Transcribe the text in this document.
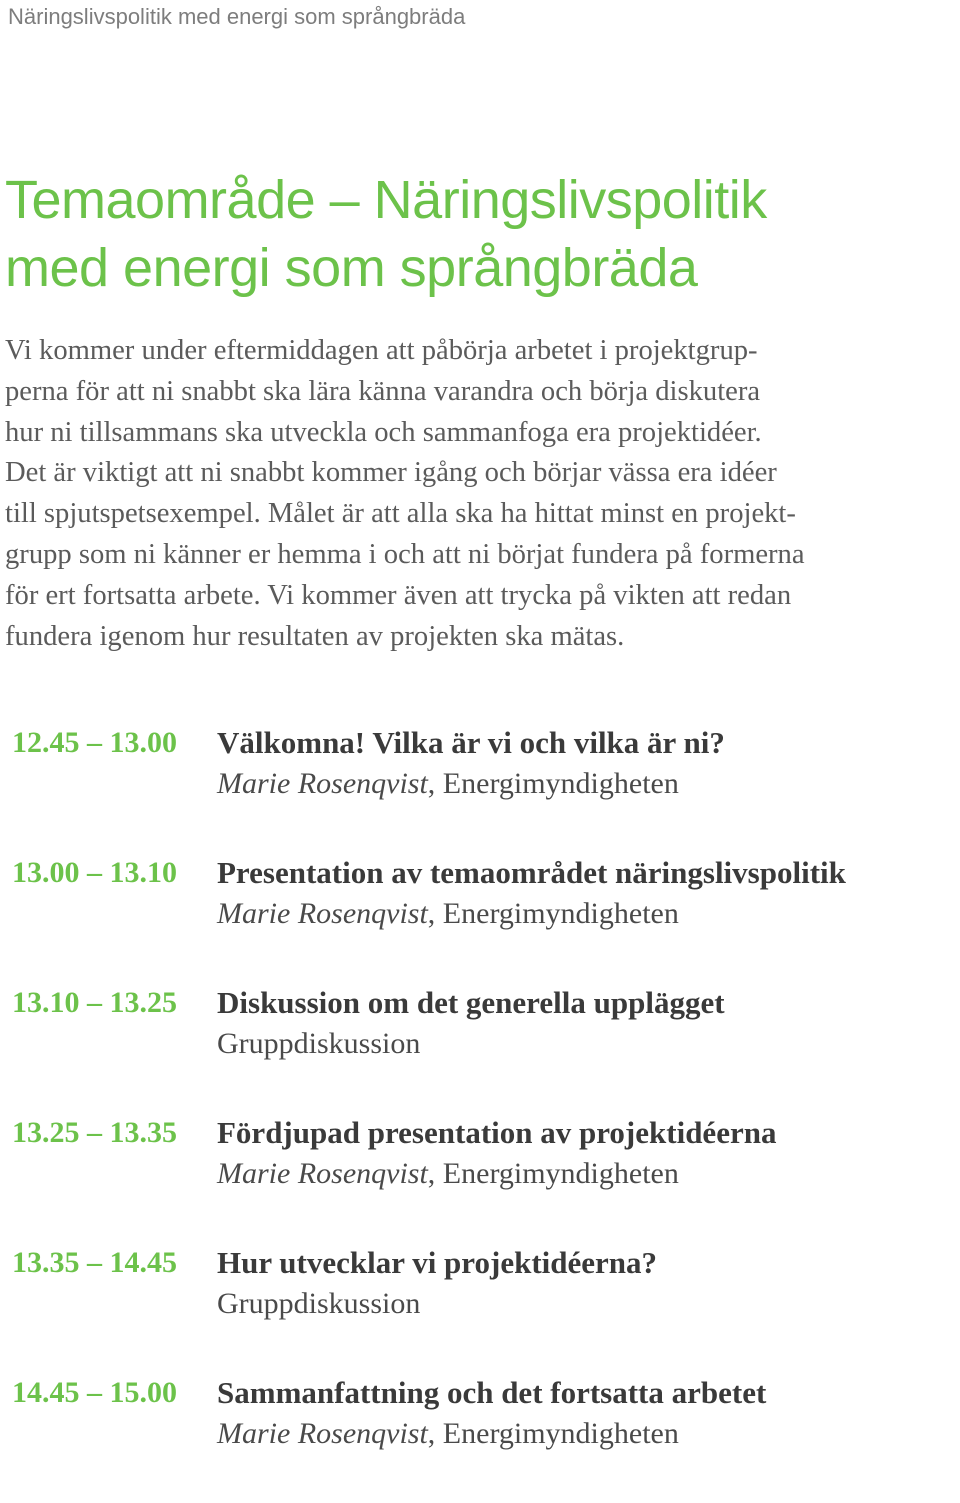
Näringslivspolitik med energi som språngbräda
Temaområde – Näringslivspolitik
med energi som språngbräda

Vi kommer under eftermiddagen att påbörja arbetet i projektgrup-
perna för att ni snabbt ska lära känna varandra och börja diskutera
hur ni tillsammans ska utveckla och sammanfoga era projektidéer.
Det är viktigt att ni snabbt kommer igång och börjar vässa era idéer
till spjutspetsexempel. Målet är att alla ska ha hittat minst en projekt-
grupp som ni känner er hemma i och att ni börjat fundera på formerna
för ert fortsatta arbete. Vi kommer även att trycka på vikten att redan
fundera igenom hur resultaten av projekten ska mätas.

12.45 – 13.00 Välkomna! Vilka är vi och vilka är ni?
Marie Rosenqvist, Energimyndigheten
13.00 – 13.10 Presentation av temaområdet näringslivspolitik
Marie Rosenqvist, Energimyndigheten
13.10 – 13.25 Diskussion om det generella upplägget
Gruppdiskussion
13.25 – 13.35 Fördjupad presentation av projektidéerna
Marie Rosenqvist, Energimyndigheten
13.35 – 14.45 Hur utvecklar vi projektidéerna?
Gruppdiskussion
14.45 – 15.00 Sammanfattning och det fortsatta arbetet
Marie Rosenqvist, Energimyndigheten
